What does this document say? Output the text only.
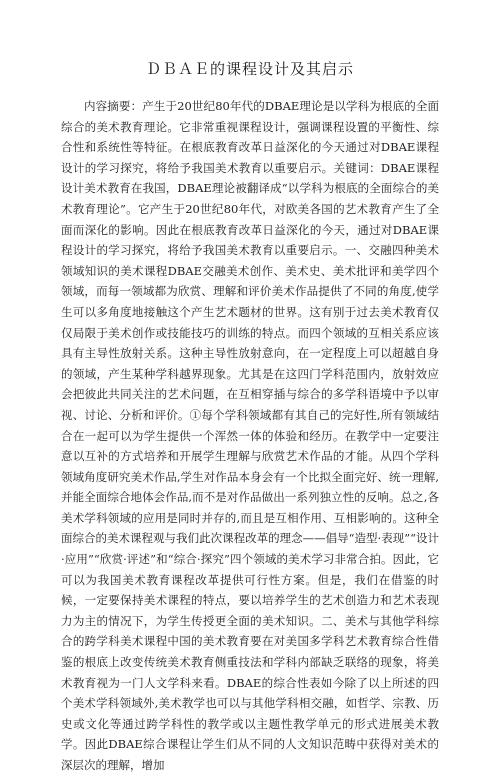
ＤＢＡＥ的课程设计及其启示

内容摘要：产生于20世纪80年代的DBAE理论是以学科为根底的全面综合的美术教育理论。它非常重视课程设计，强调课程设置的平衡性、综合性和系统性等特征。在根底教育改革日益深化的今天通过对DBAE课程设计的学习探究，将给予我国美术教育以重要启示。关键词：DBAE课程设计美术教育在我国，DBAE理论被翻译成“以学科为根底的全面综合的美术教育理论”。它产生于20世纪80年代，对欧美各国的艺术教育产生了全面而深化的影响。因此在根底教育改革日益深化的今天，通过对DBAE课程设计的学习探究，将给予我国美术教育以重要启示。一、交融四种美术领域知识的美术课程DBAE交融美术创作、美术史、美术批评和美学四个领域，而每一领域都为欣赏、理解和评价美术作品提供了不同的角度,使学生可以多角度地接触这个产生艺术题材的世界。这有别于过去美术教育仅仅局限于美术创作或技能技巧的训练的特点。而四个领域的互相关系应该具有主导性放射关系。这种主导性放射意向，在一定程度上可以超越自身的领域，产生某种学科越界现象。尤其是在这四门学科范围内，放射效应会把彼此共同关注的艺术问题，在互相穿插与综合的多学科语境中予以审视、讨论、分析和评价。①每个学科领域都有其自己的完好性,所有领域结合在一起可以为学生提供一个浑然一体的体验和经历。在教学中一定要注意以互补的方式培养和开展学生理解与欣赏艺术作品的才能。从四个学科领域角度研究美术作品,学生对作品本身会有一个比拟全面完好、统一理解,并能全面综合地体会作品,而不是对作品做出一系列独立性的反响。总之,各美术学科领域的应用是同时并存的,而且是互相作用、互相影响的。这种全面综合的美术课程观与我们此次课程改革的理念——倡导“造型·表现”“设计·应用”“欣赏·评述”和“综合·探究”四个领域的美术学习非常合拍。因此，它可以为我国美术教育课程改革提供可行性方案。但是，我们在借鉴的时候，一定要保持美术课程的特点，要以培养学生的艺术创造力和艺术表现力为主的情况下，为学生传授更全面的美术知识。二、美术与其他学科综合的跨学科美术课程中国的美术教育要在对美国多学科艺术教育综合性借鉴的根底上改变传统美术教育侧重技法和学科内部缺乏联络的现象，将美术教育视为一门人文学科来看。DBAE的综合性表如今除了以上所述的四个美术学科领域外,美术教学也可以与其他学科相交融，如哲学、宗教、历史或文化等通过跨学科性的教学或以主题性教学单元的形式进展美术教学。因此DBAE综合课程让学生们从不同的人文知识范畴中获得对美术的深层次的理解，增加
